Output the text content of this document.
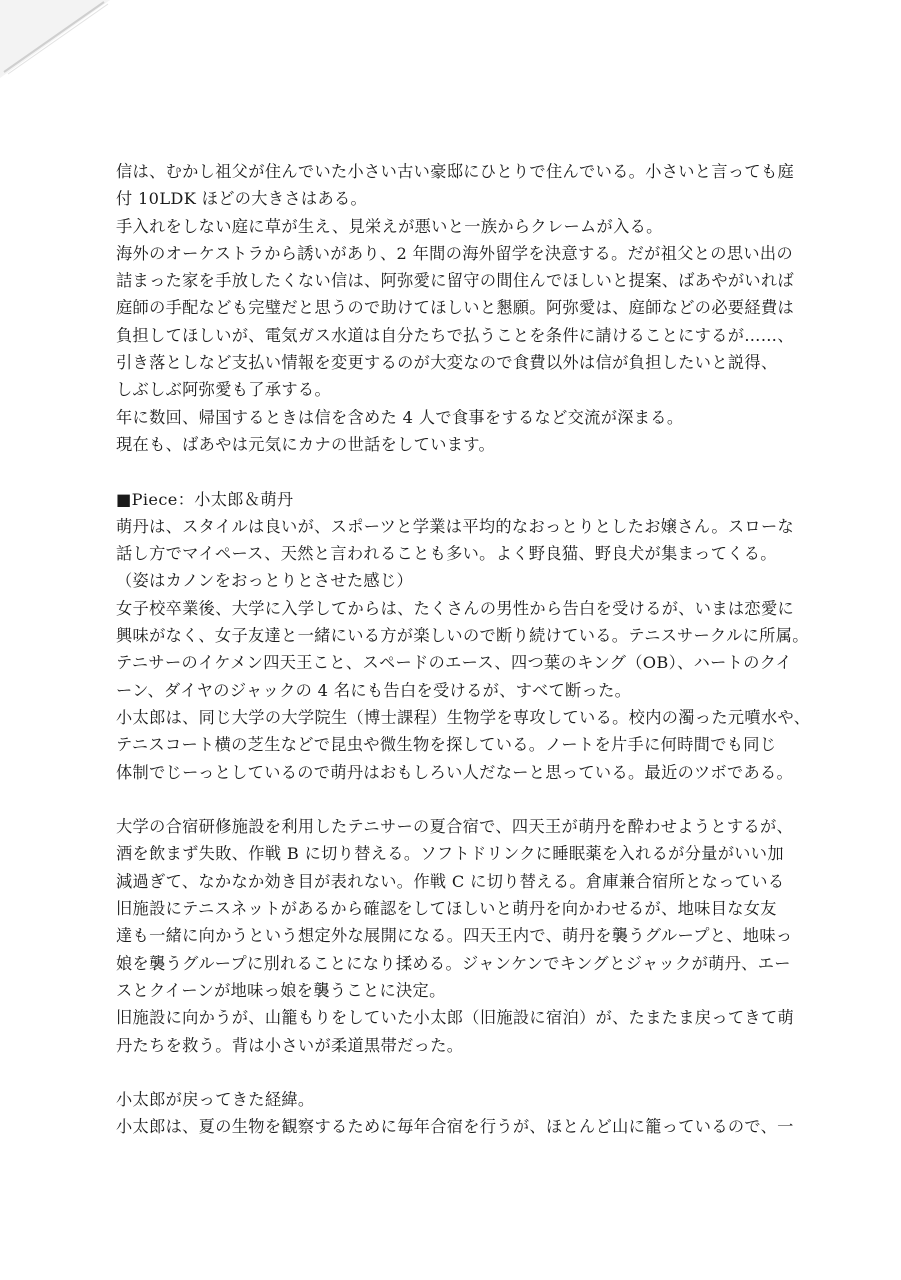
信は、むかし祖父が住んでいた小さい古い豪邸にひとりで住んでいる。小さいと言っても庭
付 10LDK ほどの大きさはある。
手入れをしない庭に草が生え、見栄えが悪いと一族からクレームが入る。
海外のオーケストラから誘いがあり、2 年間の海外留学を決意する。だが祖父との思い出の
詰まった家を手放したくない信は、阿弥愛に留守の間住んでほしいと提案、ばあやがいれば
庭師の手配なども完璧だと思うので助けてほしいと懇願。阿弥愛は、庭師などの必要経費は
負担してほしいが、電気ガス水道は自分たちで払うことを条件に請けることにするが……、
引き落としなど支払い情報を変更するのが大変なので食費以外は信が負担したいと説得、
しぶしぶ阿弥愛も了承する。
年に数回、帰国するときは信を含めた 4 人で食事をするなど交流が深まる。
現在も、ばあやは元気にカナの世話をしています。
■Piece：小太郎＆萌丹
萌丹は、スタイルは良いが、スポーツと学業は平均的なおっとりとしたお嬢さん。スローな
話し方でマイペース、天然と言われることも多い。よく野良猫、野良犬が集まってくる。
（姿はカノンをおっとりとさせた感じ）
女子校卒業後、大学に入学してからは、たくさんの男性から告白を受けるが、いまは恋愛に
興味がなく、女子友達と一緒にいる方が楽しいので断り続けている。テニスサークルに所属。
テニサーのイケメン四天王こと、スペードのエース、四つ葉のキング（OB）、ハートのクイ
ーン、ダイヤのジャックの 4 名にも告白を受けるが、すべて断った。
小太郎は、同じ大学の大学院生（博士課程）生物学を専攻している。校内の濁った元噴水や、
テニスコート横の芝生などで昆虫や微生物を探している。ノートを片手に何時間でも同じ
体制でじーっとしているので萌丹はおもしろい人だなーと思っている。最近のツボである。
大学の合宿研修施設を利用したテニサーの夏合宿で、四天王が萌丹を酔わせようとするが、
酒を飲まず失敗、作戦 B に切り替える。ソフトドリンクに睡眠薬を入れるが分量がいい加
減過ぎて、なかなか効き目が表れない。作戦 C に切り替える。倉庫兼合宿所となっている
旧施設にテニスネットがあるから確認をしてほしいと萌丹を向かわせるが、地味目な女友
達も一緒に向かうという想定外な展開になる。四天王内で、萌丹を襲うグループと、地味っ
娘を襲うグループに別れることになり揉める。ジャンケンでキングとジャックが萌丹、エー
スとクイーンが地味っ娘を襲うことに決定。
旧施設に向かうが、山籠もりをしていた小太郎（旧施設に宿泊）が、たまたま戻ってきて萌
丹たちを救う。背は小さいが柔道黒帯だった。
小太郎が戻ってきた経緯。
小太郎は、夏の生物を観察するために毎年合宿を行うが、ほとんど山に籠っているので、一
